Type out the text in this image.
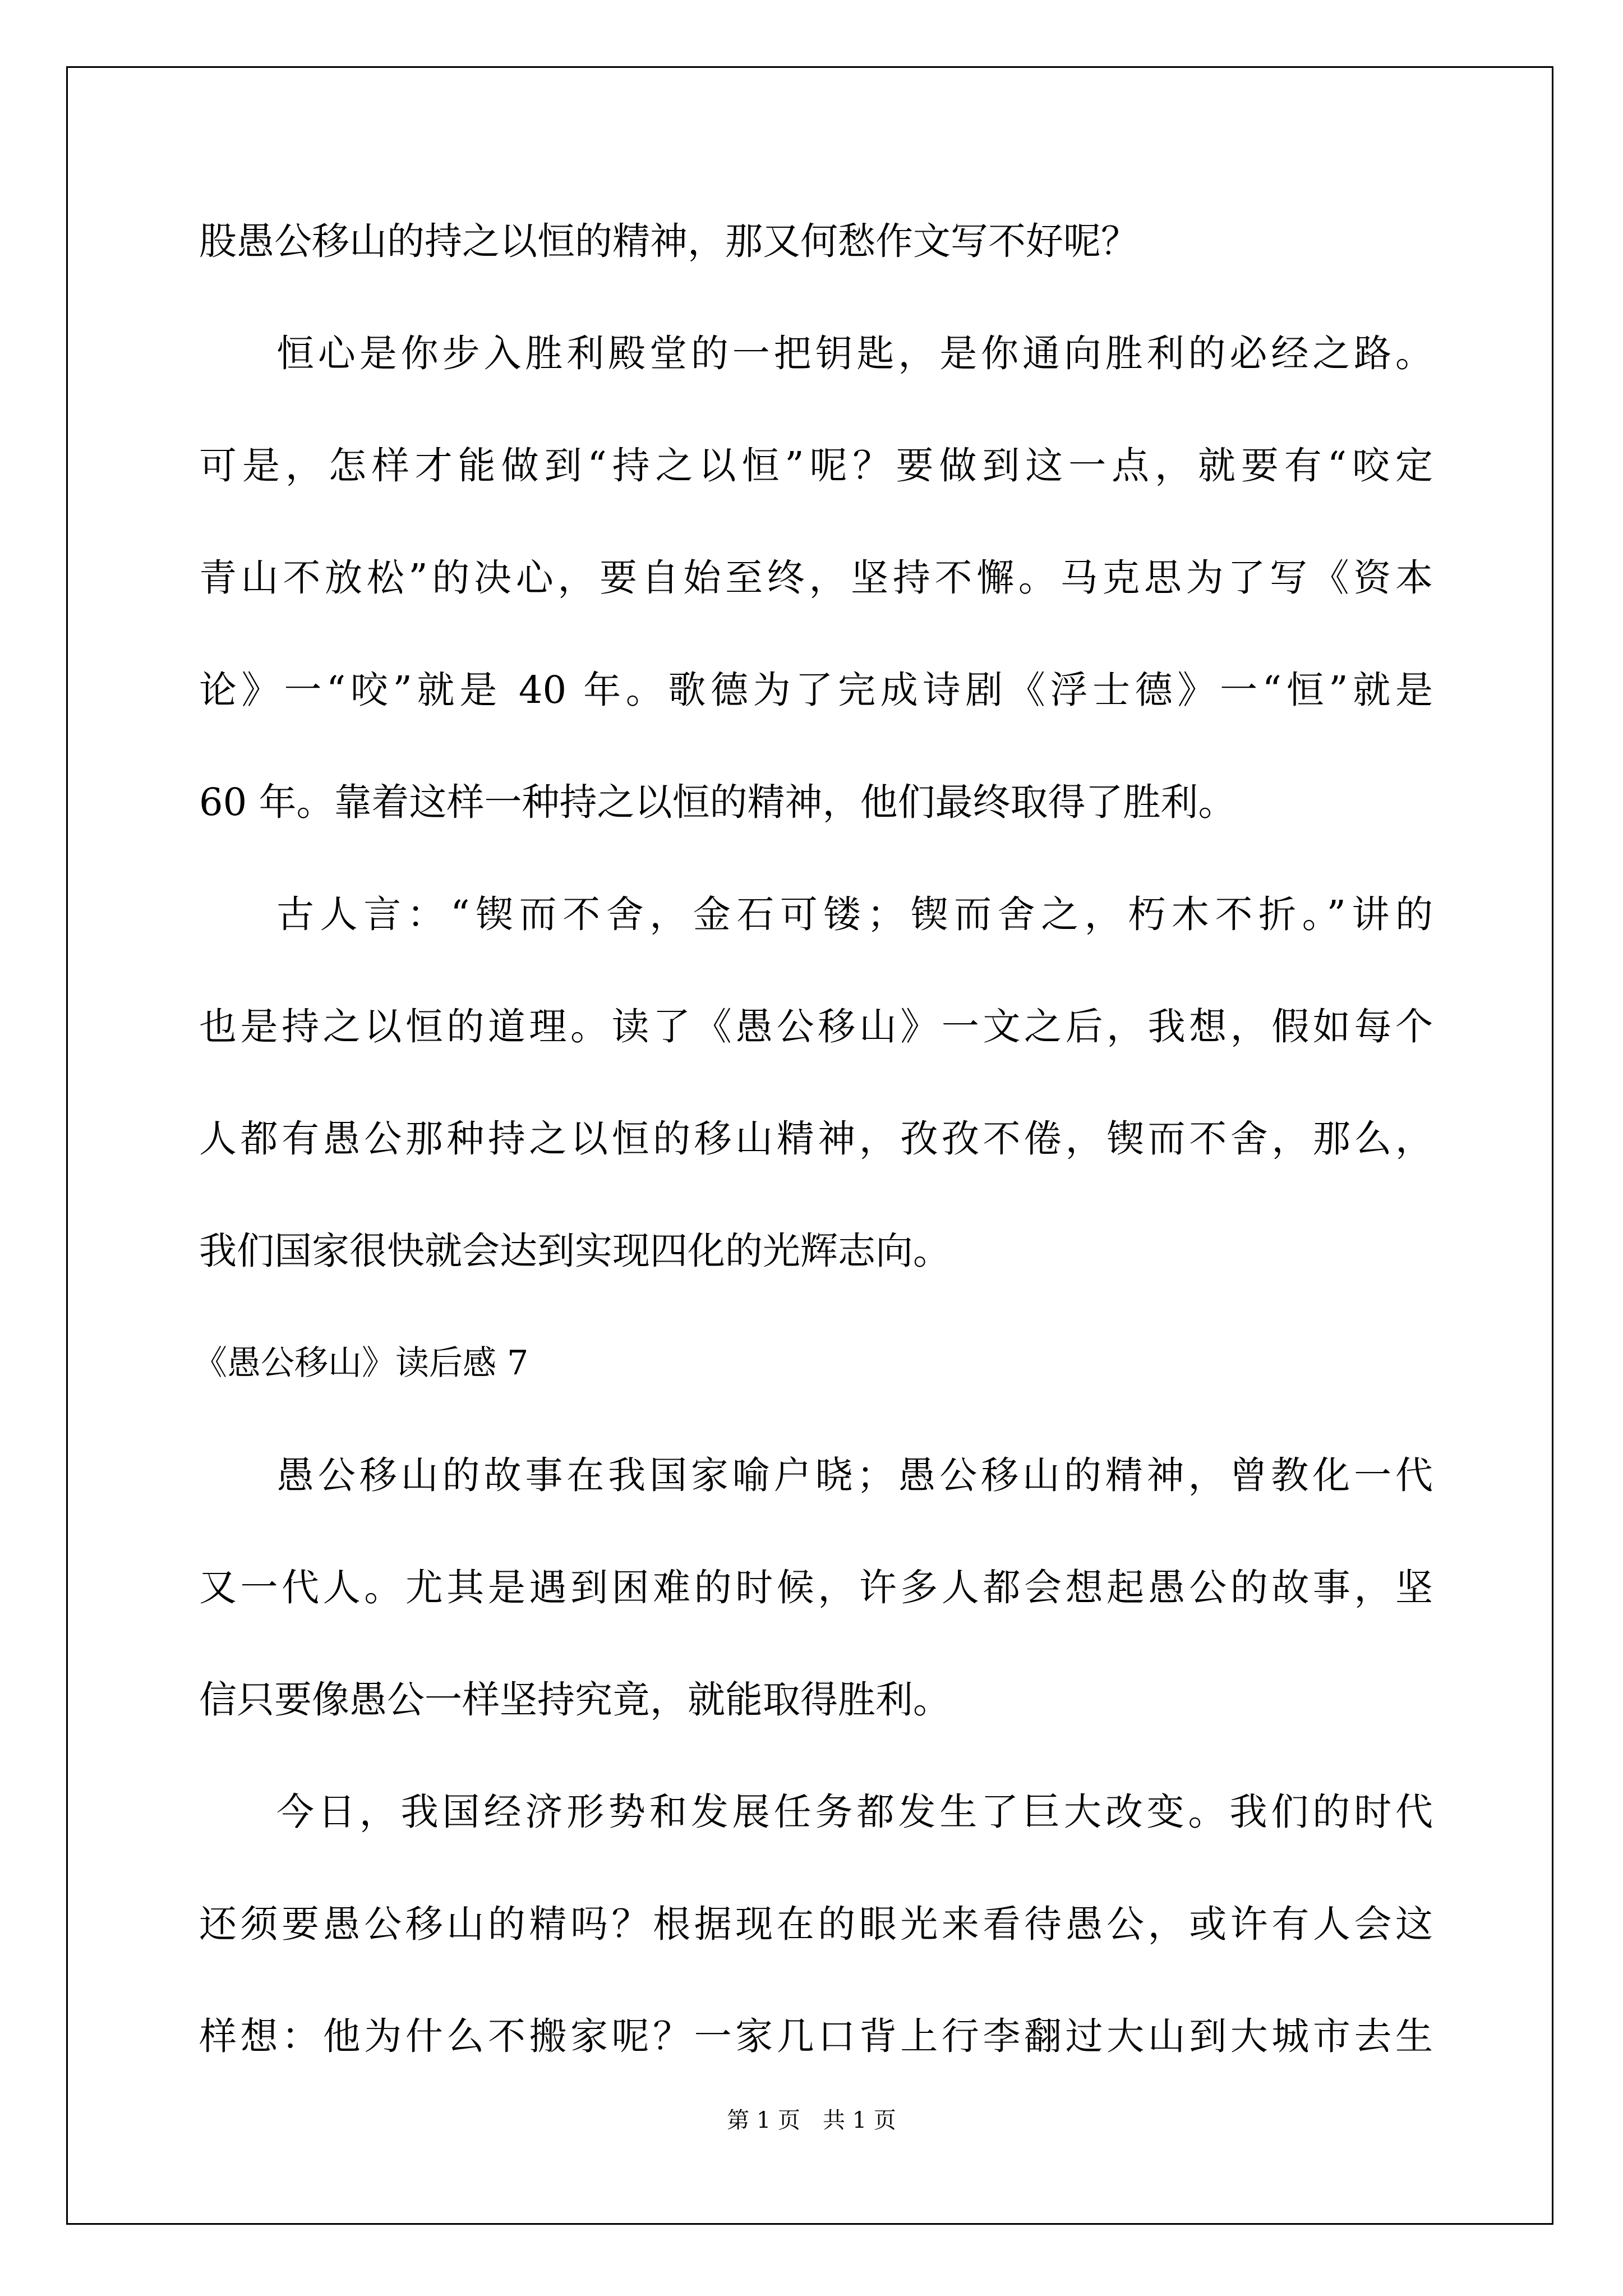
股愚公移山的持之以恒的精神，那又何愁作文写不好呢？
恒心是你步入胜利殿堂的一把钥匙，是你通向胜利的必经之路。
可是，怎样才能做到“持之以恒”呢？要做到这一点，就要有“咬定
青山不放松”的决心，要自始至终，坚持不懈。马克思为了写《资本
论》一“咬”就是 40 年。歌德为了完成诗剧《浮士德》一“恒”就是
60 年。靠着这样一种持之以恒的精神，他们最终取得了胜利。
古人言：“锲而不舍，金石可镂；锲而舍之，朽木不折。”讲的
也是持之以恒的道理。读了《愚公移山》一文之后，我想，假如每个
人都有愚公那种持之以恒的移山精神，孜孜不倦，锲而不舍，那么，
我们国家很快就会达到实现四化的光辉志向。
《愚公移山》读后感 7
愚公移山的故事在我国家喻户晓；愚公移山的精神，曾教化一代
又一代人。尤其是遇到困难的时候，许多人都会想起愚公的故事，坚
信只要像愚公一样坚持究竟，就能取得胜利。
今日，我国经济形势和发展任务都发生了巨大改变。我们的时代
还须要愚公移山的精吗？根据现在的眼光来看待愚公，或许有人会这
样想：他为什么不搬家呢？一家几口背上行李翻过大山到大城市去生
第 1 页 共 1 页
